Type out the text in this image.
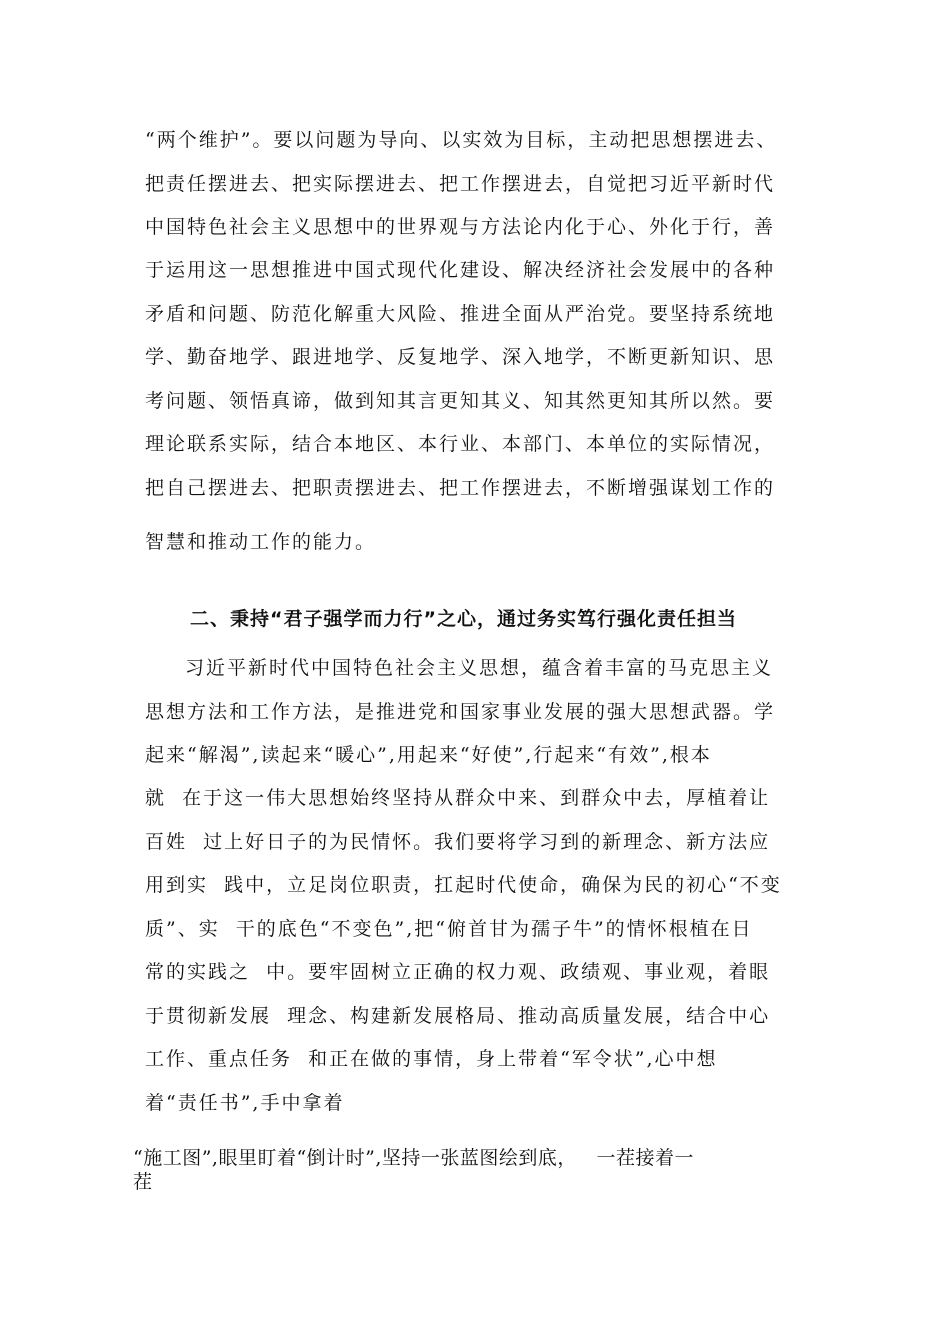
“两个维护”。要以问题为导向、以实效为目标，主动把思想摆进去、

把责任摆进去、把实际摆进去、把工作摆进去，自觉把习近平新时代

中国特色社会主义思想中的世界观与方法论内化于心、外化于行，善

于运用这一思想推进中国式现代化建设、解决经济社会发展中的各种

矛盾和问题、防范化解重大风险、推进全面从严治党。要坚持系统地

学、勤奋地学、跟进地学、反复地学、深入地学，不断更新知识、思

考问题、领悟真谛，做到知其言更知其义、知其然更知其所以然。要

理论联系实际，结合本地区、本行业、本部门、本单位的实际情况，

把自己摆进去、把职责摆进去、把工作摆进去，不断增强谋划工作的

智慧和推动工作的能力。

二、秉持“君子强学而力行”之心，通过务实笃行强化责任担当

习近平新时代中国特色社会主义思想，蕴含着丰富的马克思主义

思想方法和工作方法，是推进党和国家事业发展的强大思想武器。学

起来“解渴”,读起来“暖心”,用起来“好使”,行起来“有效”,根本

就  在于这一伟大思想始终坚持从群众中来、到群众中去，厚植着让

百姓  过上好日子的为民情怀。我们要将学习到的新理念、新方法应

用到实  践中，立足岗位职责，扛起时代使命，确保为民的初心“不变

质”、实  干的底色“不变色”,把“俯首甘为孺子牛”的情怀根植在日

常的实践之  中。要牢固树立正确的权力观、政绩观、事业观，着眼

于贯彻新发展  理念、构建新发展格局、推动高质量发展，结合中心

工作、重点任务  和正在做的事情，身上带着“军令状”,心中想

着“责任书”,手中拿着

“施工图”,眼里盯着“倒计时”,坚持一张蓝图绘到底，   一茬接着一

茬
